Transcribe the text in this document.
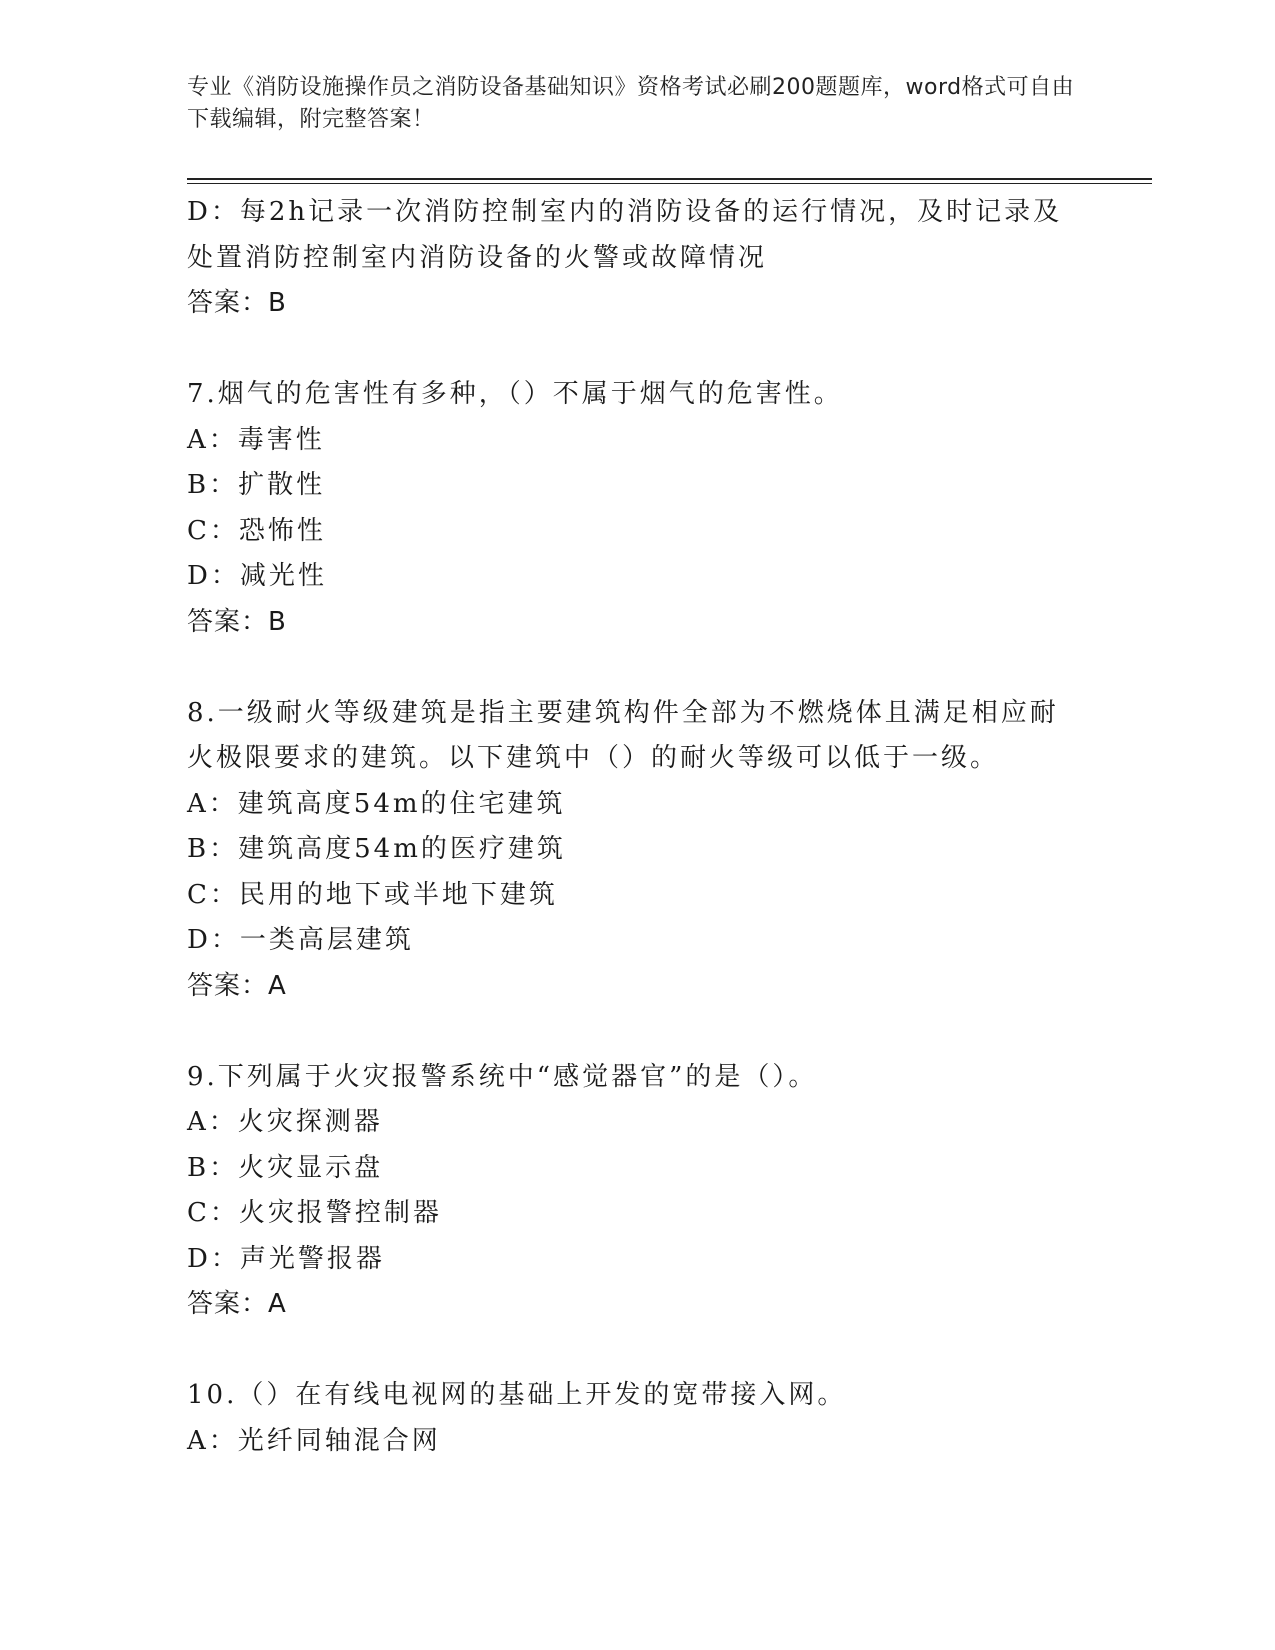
专业《消防设施操作员之消防设备基础知识》资格考试必刷200题题库，word格式可自由下载编辑，附完整答案！
D：每2h记录一次消防控制室内的消防设备的运行情况，及时记录及
处置消防控制室内消防设备的火警或故障情况
答案：B
7.烟气的危害性有多种，（）不属于烟气的危害性。
A：毒害性
B：扩散性
C：恐怖性
D：减光性
答案：B
8.一级耐火等级建筑是指主要建筑构件全部为不燃烧体且满足相应耐
火极限要求的建筑。以下建筑中（）的耐火等级可以低于一级。
A：建筑高度54m的住宅建筑
B：建筑高度54m的医疗建筑
C：民用的地下或半地下建筑
D：一类高层建筑
答案：A
9.下列属于火灾报警系统中“感觉器官”的是（）。
A：火灾探测器
B：火灾显示盘
C：火灾报警控制器
D：声光警报器
答案：A
10.（）在有线电视网的基础上开发的宽带接入网。
A：光纤同轴混合网
